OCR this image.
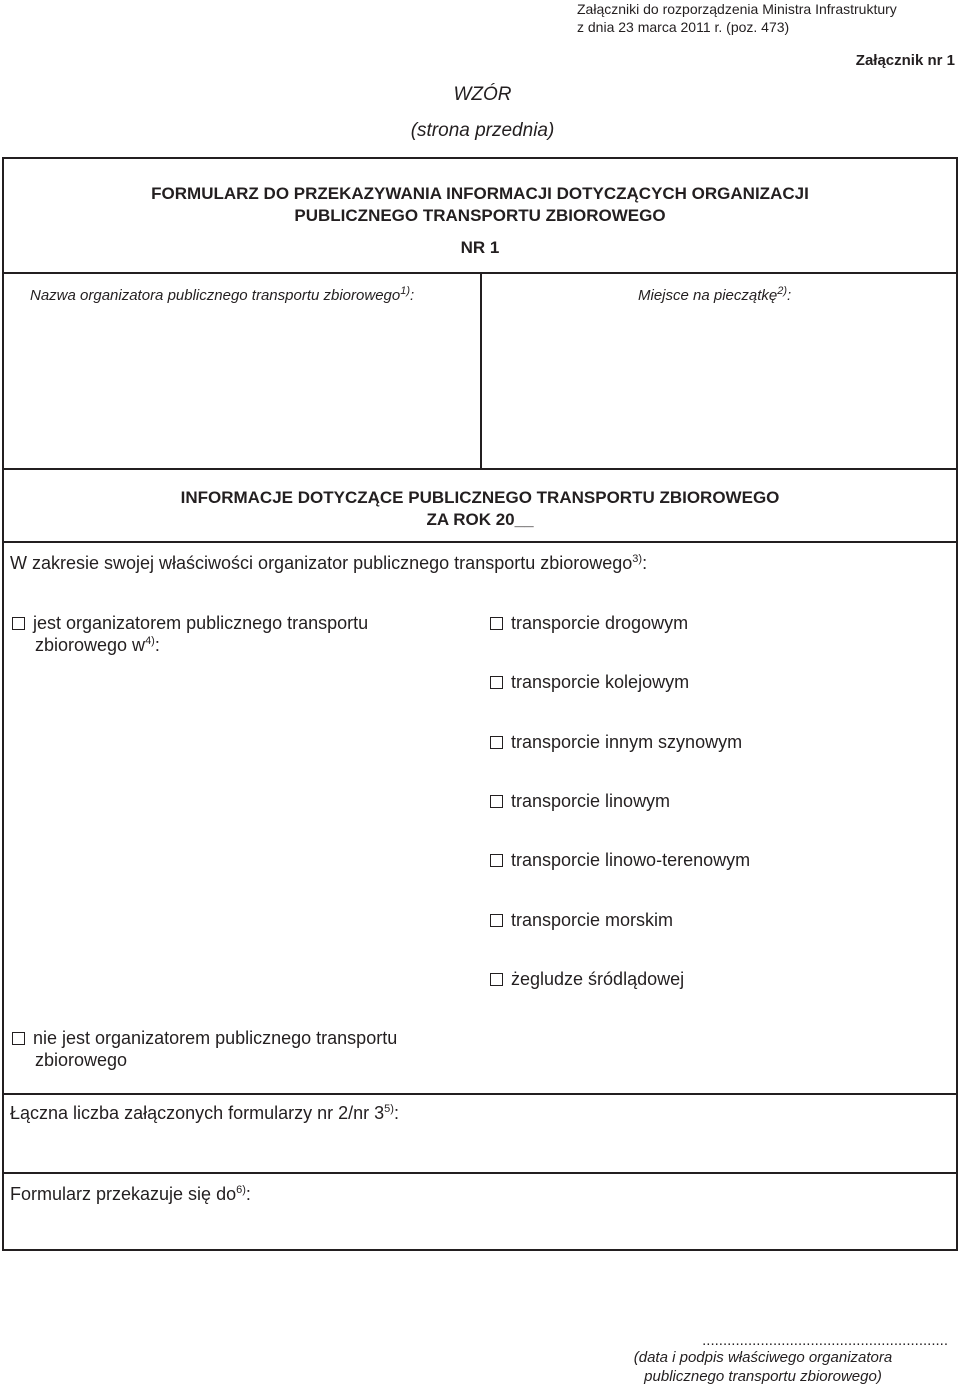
Załączniki do rozporządzenia Ministra Infrastruktury
z dnia 23 marca 2011 r. (poz. 473)
Załącznik nr 1
WZÓR
(strona przednia)
FORMULARZ DO PRZEKAZYWANIA INFORMACJI DOTYCZĄCYCH ORGANIZACJI
PUBLICZNEGO TRANSPORTU ZBIOROWEGO
NR 1
Nazwa organizatora publicznego transportu zbiorowego$^{1)}$:	Miejsce na pieczątkę$^{2)}$:
INFORMACJE DOTYCZĄCE PUBLICZNEGO TRANSPORTU ZBIOROWEGO
ZA ROK 20__
W zakresie swojej właściwości organizator publicznego transportu zbiorowego$^{3)}$:
jest organizatorem publicznego transportu
zbiorowego $w^{4)}$:
transporcie drogowym
transporcie kolejowym
transporcie innym szynowym
transporcie linowym
transporcie linowo-terenowym
transporcie morskim
żegludze śródlądowej
nie jest organizatorem publicznego transportu
zbiorowego
Łączna liczba załączonych formularzy nr 2/nr 3$^{5)}$:
Formularz przekazuje się $do^{6)}$:
...........................................................
(data i podpis właściwego organizatora
publicznego transportu zbiorowego)
